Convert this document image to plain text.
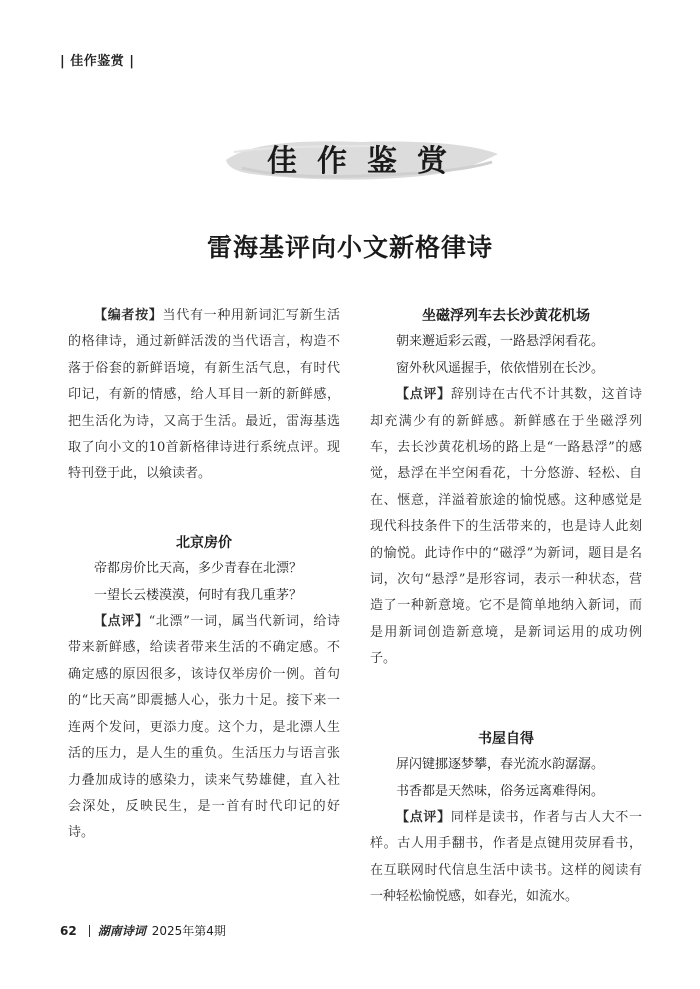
| 佳作鉴赏 |
佳作鉴赏
雷海基评向小文新格律诗

【编者按】当代有一种用新词汇写新生活的格律诗，通过新鲜活泼的当代语言，构造不落于俗套的新鲜语境，有新生活气息，有时代印记，有新的情感，给人耳目一新的新鲜感，把生活化为诗，又高于生活。最近，雷海基选取了向小文的10首新格律诗进行系统点评。现特刊登于此，以飨读者。

北京房价
帝都房价比天高，多少青春在北漂？
一望长云楼漠漠，何时有我几重茅？

【点评】“北漂”一词，属当代新词，给诗带来新鲜感，给读者带来生活的不确定感。不确定感的原因很多，该诗仅举房价一例。首句的“比天高”即震撼人心，张力十足。接下来一连两个发问，更添力度。这个力，是北漂人生活的压力，是人生的重负。生活压力与语言张力叠加成诗的感染力，读来气势雄健，直入社会深处，反映民生，是一首有时代印记的好诗。

坐磁浮列车去长沙黄花机场
朝来邂逅彩云霞，一路悬浮闲看花。
窗外秋风遥握手，依依惜别在长沙。

【点评】辞别诗在古代不计其数，这首诗却充满少有的新鲜感。新鲜感在于坐磁浮列车，去长沙黄花机场的路上是“一路悬浮”的感觉，悬浮在半空闲看花，十分悠游、轻松、自在、惬意，洋溢着旅途的愉悦感。这种感觉是现代科技条件下的生活带来的，也是诗人此刻的愉悦。此诗作中的“磁浮”为新词，题目是名词，次句“悬浮”是形容词，表示一种状态，营造了一种新意境。它不是简单地纳入新词，而是用新词创造新意境，是新词运用的成功例子。

书屋自得
屏闪键挪逐梦攀，春光流水韵潺潺。
书香都是天然味，俗务远离难得闲。

【点评】同样是读书，作者与古人大不一样。古人用手翻书，作者是点键用荧屏看书，在互联网时代信息生活中读书。这样的阅读有一种轻松愉悦感，如春光，如流水。

62 湖南诗词 2025年第4期
